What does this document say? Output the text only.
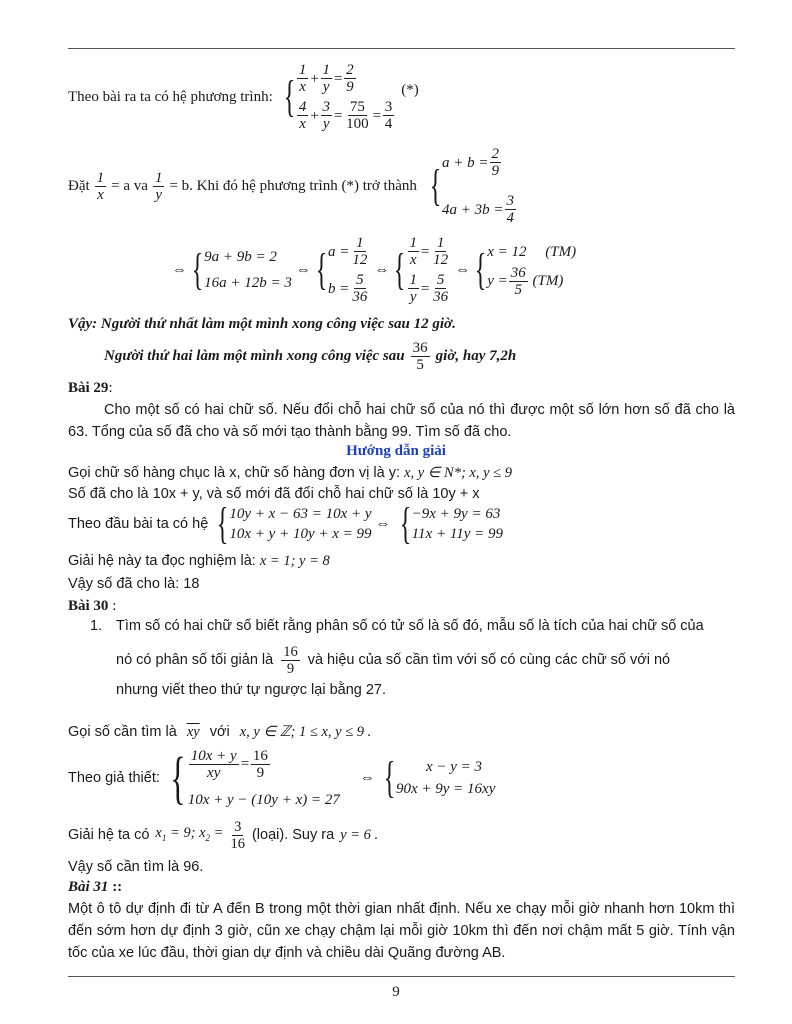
Theo bài ra ta có hệ phương trình: {
1
x
+
1
y
=
2
9
4
x
+
3
y
=
75
100
=
3
4
(*)
Đặt $\frac{1}{x} = a$ va $\frac{1}{y} = b$. Khi đó hệ phương trình (*) trở thành { a + b =
2
9
4a + 3b =
3
4
⇔ { 9a + 9b = 2
16a + 12b = 3
⇔ { a =
1
12
b =
5
36
⇔ {
1
x
=
1
12
1
y
=
5
36
⇔ { x = 12     (TM)
y =
36
5
(TM)
Vậy: Người thứ nhất làm một mình xong công việc sau 12 giờ.
Người thứ hai làm một mình xong công việc sau
36
5
giờ, hay 7,2h
Bài 29:
Cho một số có hai chữ số. Nếu đổi chỗ hai chữ số của nó thì được một số lớn hơn số đã cho là 63. Tổng của số đã cho và số mới tạo thành bằng 99. Tìm số đã cho.
Hướng dẫn giải
Gọi chữ số hàng chục là x, chữ số hàng đơn vị là y: x, y ∈ N*; x, y ≤ 9
Số đã cho là 10x + y, và số mới đã đổi chỗ hai chữ số là 10y + x
Theo đầu bài ta có hệ { 10y + x − 63 = 10x + y
10x + y + 10y + x = 99
⇔ { −9x + 9y = 63
11x + 11y = 99
Giải hệ này ta đọc nghiệm là: x = 1; y = 8
Vậy số đã cho là: 18
Bài 30 :
1. Tìm số có hai chữ số biết rằng phân số có tử số là số đó, mẫu số là tích của hai chữ số của
nó có phân số tối giản là
16
9
và hiệu của số cần tìm với số có cùng các chữ số với nó
nhưng viết theo thứ tự ngược lại bằng 27.
Gọi số cần tìm là $\overline{xy}$ với x, y ∈ ℤ; 1 ≤ x, y ≤ 9 .
Theo giả thiết: { 10x + y
xy
=
16
9
10x + y − (10y + x) = 27
⇔ {	x − y = 3
90x + 9y = 16xy
Giải hệ ta có $x_1 = 9$; $x_2 = \frac{3}{16}$ (loại). Suy ra y = 6 .
Vậy số cần tìm là 96.
Bài 31 ::
Một ô tô dự định đi từ A đến B trong một thời gian nhất định. Nếu xe chạy mỗi giờ nhanh hơn 10km thì đến sớm hơn dự định 3 giờ, cũn xe chạy chậm lại mỗi giờ 10km thì đến nơi chậm mất 5 giờ. Tính vận tốc của xe lúc đầu, thời gian dự định và chiều dài Quãng đường AB.
9
